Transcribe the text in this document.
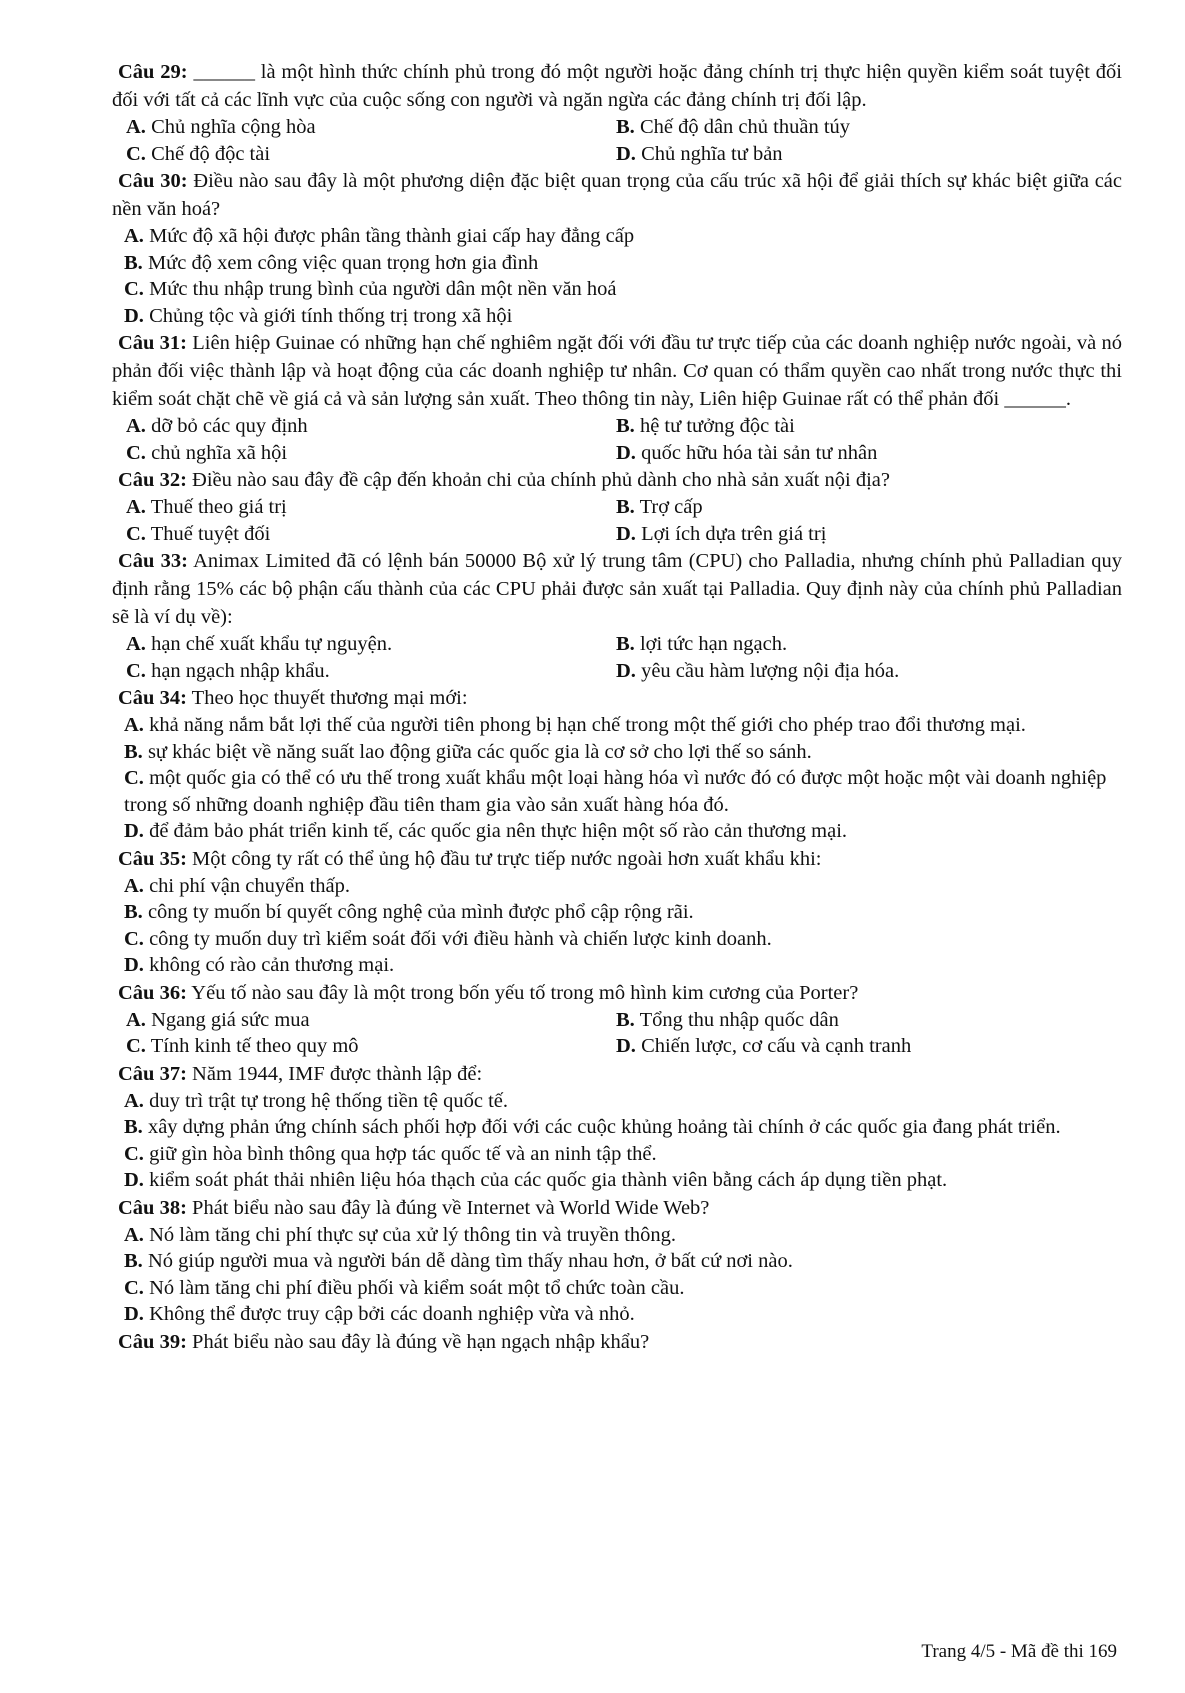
Câu 29: ______ là một hình thức chính phủ trong đó một người hoặc đảng chính trị thực hiện quyền kiểm soát tuyệt đối đối với tất cả các lĩnh vực của cuộc sống con người và ngăn ngừa các đảng chính trị đối lập.
A. Chủ nghĩa cộng hòa	B. Chế độ dân chủ thuần túy
C. Chế độ độc tài	D. Chủ nghĩa tư bản
Câu 30: Điều nào sau đây là một phương diện đặc biệt quan trọng của cấu trúc xã hội để giải thích sự khác biệt giữa các nền văn hoá?
A. Mức độ xã hội được phân tầng thành giai cấp hay đẳng cấp
B. Mức độ xem công việc quan trọng hơn gia đình
C. Mức thu nhập trung bình của người dân một nền văn hoá
D. Chủng tộc và giới tính thống trị trong xã hội
Câu 31: Liên hiệp Guinae có những hạn chế nghiêm ngặt đối với đầu tư trực tiếp của các doanh nghiệp nước ngoài, và nó phản đối việc thành lập và hoạt động của các doanh nghiệp tư nhân. Cơ quan có thẩm quyền cao nhất trong nước thực thi kiểm soát chặt chẽ về giá cả và sản lượng sản xuất. Theo thông tin này, Liên hiệp Guinae rất có thể phản đối ______.
A. dỡ bỏ các quy định	B. hệ tư tưởng độc tài
C. chủ nghĩa xã hội	D. quốc hữu hóa tài sản tư nhân
Câu 32: Điều nào sau đây đề cập đến khoản chi của chính phủ dành cho nhà sản xuất nội địa?
A. Thuế theo giá trị	B. Trợ cấp
C. Thuế tuyệt đối	D. Lợi ích dựa trên giá trị
Câu 33: Animax Limited đã có lệnh bán 50000 Bộ xử lý trung tâm (CPU) cho Palladia, nhưng chính phủ Palladian quy định rằng 15% các bộ phận cấu thành của các CPU phải được sản xuất tại Palladia. Quy định này của chính phủ Palladian sẽ là ví dụ về):
A. hạn chế xuất khẩu tự nguyện.	B. lợi tức hạn ngạch.
C. hạn ngạch nhập khẩu.	D. yêu cầu hàm lượng nội địa hóa.
Câu 34: Theo học thuyết thương mại mới:
A. khả năng nắm bắt lợi thế của người tiên phong bị hạn chế trong một thế giới cho phép trao đổi thương mại.
B. sự khác biệt về năng suất lao động giữa các quốc gia là cơ sở cho lợi thế so sánh.
C. một quốc gia có thể có ưu thế trong xuất khẩu một loại hàng hóa vì nước đó có được một hoặc một vài doanh nghiệp trong số những doanh nghiệp đầu tiên tham gia vào sản xuất hàng hóa đó.
D. để đảm bảo phát triển kinh tế, các quốc gia nên thực hiện một số rào cản thương mại.
Câu 35: Một công ty rất có thể ủng hộ đầu tư trực tiếp nước ngoài hơn xuất khẩu khi:
A. chi phí vận chuyển thấp.
B. công ty muốn bí quyết công nghệ của mình được phổ cập rộng rãi.
C. công ty muốn duy trì kiểm soát đối với điều hành và chiến lược kinh doanh.
D. không có rào cản thương mại.
Câu 36: Yếu tố nào sau đây là một trong bốn yếu tố trong mô hình kim cương của Porter?
A. Ngang giá sức mua	B. Tổng thu nhập quốc dân
C. Tính kinh tế theo quy mô	D. Chiến lược, cơ cấu và cạnh tranh
Câu 37: Năm 1944, IMF được thành lập để:
A. duy trì trật tự trong hệ thống tiền tệ quốc tế.
B. xây dựng phản ứng chính sách phối hợp đối với các cuộc khủng hoảng tài chính ở các quốc gia đang phát triển.
C. giữ gìn hòa bình thông qua hợp tác quốc tế và an ninh tập thể.
D. kiểm soát phát thải nhiên liệu hóa thạch của các quốc gia thành viên bằng cách áp dụng tiền phạt.
Câu 38: Phát biểu nào sau đây là đúng về Internet và World Wide Web?
A. Nó làm tăng chi phí thực sự của xử lý thông tin và truyền thông.
B. Nó giúp người mua và người bán dễ dàng tìm thấy nhau hơn, ở bất cứ nơi nào.
C. Nó làm tăng chi phí điều phối và kiểm soát một tổ chức toàn cầu.
D. Không thể được truy cập bởi các doanh nghiệp vừa và nhỏ.
Câu 39: Phát biểu nào sau đây là đúng về hạn ngạch nhập khẩu?
Trang 4/5 - Mã đề thi 169
